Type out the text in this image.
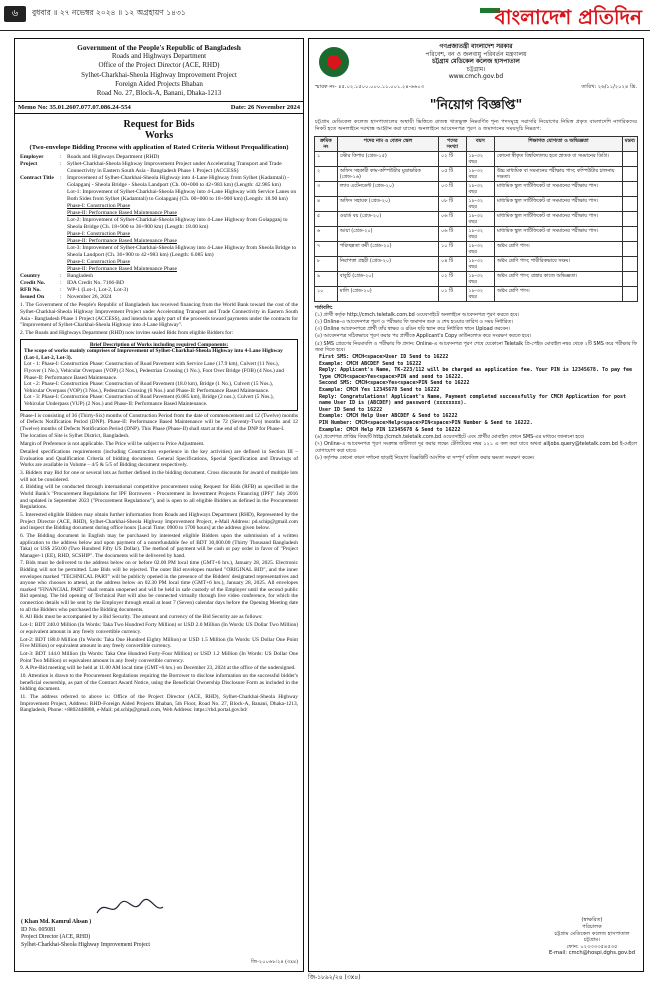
৬	বুধবার ॥ ২৭ নভেম্বর ২০২৪ ॥ ১২ অগ্রহায়ণ ১৪৩১	বাংলাদেশ প্রতিদিন
Government of the People's Republic of Bangladesh
Roads and Highways Department
Office of the Project Director (ACE, RHD)
Sylhet-Charkhai-Sheola Highway Improvement Project
Foreign Aided Projects Bhaban
Road No. 27, Block-A, Banani, Dhaka-1213
Memo No: 35.01.2607.077.07.086.24-554	Date: 26 November 2024
Request for Bids
Works
(Two-envelope Bidding Process with application of Rated Criteria Without Prequalification)
Employer	: Roads and Highways Department (RHD)
Project	: Sylhet-Charkhai-Sheola Highway Improvement Project under Accelerating Transport and Trade Connectivity in Eastern South Asia - Bangladesh Phase 1 Project (ACCESS)
Contract Title	: Improvement of Sylhet-Charkhai-Sheola Highway into 4-Lane Highway from Sylhet (Kadamtali) - Golapganj - Sheola Bridge - Sheola Landport (Ch. 00+000 to 42+983 km) (Length: 42.985 km)
Lot-1: Improvement of Sylhet-Charkhai-Sheola Highway into 4-Lane Highway with Service Lanes on Both Sides from Sylhet (Kadamtali) to Golapganj (Ch. 00+000 to 18+900 km) (Length: 18.90 km)
Phase-I: Construction Phase
Phase-II: Performance Based Maintenance Phase
Lot-2: Improvement of Sylhet-Charkhai-Sheola Highway into 4-Lane Highway from Golapganj to Sheola Bridge (Ch. 18+900 to 36+900 km) (Length: 18.00 km)
Phase-I: Construction Phase
Phase-II: Performance Based Maintenance Phase
Lot-3: Improvement of Sylhet-Charkhai-Sheola Highway into 4-Lane Highway from Sheola Bridge to Sheola Landport (Ch. 36+900 to 42+983 km) (Length: 6.085 km)
Phase-I: Construction Phase
Phase-II: Performance Based Maintenance Phase
Country	: Bangladesh
Credit No.	: IDA Credit No. 7166-BD
RFB No.	: WP-1 (Lot-1, Lot-2, Lot-3)
Issued On	: November 26, 2024
1. The Government of the People's Republic of Bangladesh has received financing from the World Bank toward the cost of the Sylhet-Charkhai-Sheola Highway Improvement Project under Accelerating Transport and Trade Connectivity in Eastern South Asia - Bangladesh Phase 1 Project (ACCESS), and intends to apply part of the proceeds toward payments under the contracts for "Improvement of Sylhet-Charkhai-Sheola Highway into 4-Lane Highway".
2. The Roads and Highways Department (RHD) now invites sealed Bids from eligible Bidders for:
Brief Description of Works including required Components:
The scope of works mainly comprises of Improvement of Sylhet-Charkhai-Sheola Highway into 4-Lane Highway (Lot-1, Lot-2, Lot-3).
Lot - 1: Phase-I: Construction Phase: Construction of Road Pavement with Service Lane (17.9 km), Culvert (11 Nos.), Flyover (1 No.), Vehicular Overpass (VOP) (3 Nos.), Pedestrian Crossing (1 No.), Foot Over Bridge (FOB) (4 Nos.) and Phase-II: Performance Based Maintenance.
Lot - 2: Phase-I: Construction Phase: Construction of Road Pavement (18.0 km), Bridge (1 No.), Culvert (15 Nos.), Vehicular Overpass (VOP) (3 Nos.), Pedestrian Crossing (6 Nos.) and Phase-II: Performance Based Maintenance.
Lot - 3: Phase-I: Construction Phase: Construction of Road Pavement (6.085 km), Bridge (2 nos.), Culvert (5 Nos.), Vehicular Underpass (VUP) (2 Nos.) and Phase-II: Performance Based Maintenance.
Phase-I is consisting of 36 (Thirty-Six) months of Construction Period from the date of commencement and 12 (Twelve) months of Defects Notification Period (DNP). Phase-II: Performance Based Maintenance will be 72 (Seventy-Two) months and 12 (Twelve) months of Defects Notification Period (DNP). This Phase (Phase-II) shall start at the end of the DNP for Phase-I.
The location of Site is Sylhet District, Bangladesh.
Margin of Preference is not applicable. The Price will be subject to Price Adjustment.
Detailed specifications requirements (including Construction experience in the key activities) are defined in Section III – Evaluation and Qualification Criteria of bidding document. General Specifications, Special Specification and Drawings of Works are available in Volume – 4/5 & 5/5 of Bidding document respectively.
3. Bidders may Bid for one or several lots as further defined in the bidding document. Cross discounts for award of multiple lots will not be considered.
4. Bidding will be conducted through international competitive procurement using Request for Bids (RFB) as specified in the World Bank's "Procurement Regulations for IPF Borrowers - Procurement in Investment Projects Financing (IPF)" July 2016 and updated in September 2023 ("Procurement Regulations"), and is open to all eligible Bidders as defined in the Procurement Regulations.
5. Interested eligible Bidders may obtain further information from Roads and Highways Department (RHD), Represented by the Project Director (ACE, RHD), Sylhet-Charkhai-Sheola Highway Improvement Project, e-Mail Address: pd.schip@gmail.com and inspect the Bidding document during office hours [Local Time: 0900 to 1700 hours] at the address given below.
6. The Bidding document in English may be purchased by interested eligible Bidders upon the submission of a written application to the address below and upon payment of a nonrefundable fee of BDT 30,000.00 (Thirty Thousand Bangladesh Taka) or US$ 250.00 (Two Hundred Fifty US Dollar). The method of payment will be cash or pay order in favor of "Project Manager-1 (EE), RHD, SCSHIP". The documents will be delivered by hand.
7. Bids must be delivered to the address below on or before 02.00 PM local time (GMT+6 hrs.), January 28, 2025. Electronic Bidding will not be permitted. Late Bids will be rejected. The outer Bid envelopes marked "ORIGINAL BID", and the inner envelopes marked "TECHNICAL PART" will be publicly opened in the presence of the Bidders' designated representatives and anyone who chooses to attend, at the address below on 02.30 PM local time (GMT+6 hrs.), January 28, 2025. All envelopes marked "FINANCIAL PART" shall remain unopened and will be held in safe custody of the Employer until the second public Bid opening. The bid opening of Technical Part will also be connected virtually through live video conference, for which the connection details will be sent by the Employer through email at least 7 (Seven) calendar days before the Opening Meeting date to all the Bidders who purchased the Bidding documents.
8. All Bids must be accompanied by a Bid Security. The amount and currency of the Bid Security are as follows:
Lot-1: BDT 240.0 Million (In Words: Taka Two Hundred Forty Million) or USD 2.0 Million (In Words: US Dollar Two Million) or equivalent amount in any freely convertible currency.
Lot-2: BDT 180.0 Million (In Words: Taka One Hundred Eighty Million) or USD 1.5 Million (In Words: US Dollar One Point Five Million) or equivalent amount in any freely convertible currency.
Lot-3: BDT 144.0 Million (In Words: Taka One Hundred Forty-Four Million) or USD 1.2 Million (In Words: US Dollar One Point Two Million) or equivalent amount in any freely convertible currency.
9. A Pre-Bid meeting will be held at 11.00 AM local time (GMT+6 hrs.) on December 23, 2024 at the office of the undersigned.
10. Attention is drawn to the Procurement Regulations requiring the Borrower to disclose information on the successful bidder's beneficial ownership, as part of the Contract Award Notice, using the Beneficial Ownership Disclosure Form as included in the bidding document.
11. The address referred to above is: Office of the Project Director (ACE, RHD), Sylhet-Charkhai-Sheola Highway Improvement Project, Address: RHD-Foreign Aided Projects Bhaban, 5th Floor, Road No. 27, Block-A, Banani, Dhaka-1213, Bangladesh, Phone: +8802448808, e-Mail: pd.schip@gmail.com, Web Address: https://rhd.portal.gov.bd/
( Khan Md. Kamrul Ahsan )
ID No. 005081
Project Director (ACE, RHD)
Sylhet-Charkhai-Sheola Highway Improvement Project
জি-২০০৬৮/২৪ (৩x৪)
গণপ্রজাতন্ত্রী বাংলাদেশ সরকার
পরিবেশ, বন ও জলবায়ু পরিবর্তন মন্ত্রণালয়
চট্টগ্রাম মেডিকেল কলেজ হাসপাতাল
চট্টগ্রাম।
www.cmch.gov.bd
স্মারক নং- ৪৫.০২.১৫০০.০০০.১১.০০১.২৪-৬৬০৩	তারিখ: ২৬/১১/২০২৪ খ্রি.
"নিয়োগ বিজ্ঞপ্তি"
চট্টগ্রাম মেডিকেল কলেজ হাসপাতালের অস্থায়ী ভিত্তিতে রাজস্ব খাতভুক্ত নিম্নবর্ণিত শূন্য পদসমূহে সরাসরি নিয়োগের নিমিত্ত প্রকৃত বাংলাদেশি নাগরিকদের নিকট হতে অনলাইনে দরখাস্ত আহ্বান করা যাচ্ছে। অনলাইনে আবেদনপত্র পূরণ ও জমাদানের সময়সূচি নিম্নরূপ:
ক্রমিক নং	পদের নাম ও বেতন স্কেল	পদের সংখ্যা	বয়স	শিক্ষাগত যোগ্যতা ও অভিজ্ঞতা	মন্তব্য
১	স্টোর কিপার (গ্রেড-১৫)	০২ টি	১৮-৩২ বছর	কোনো স্বীকৃত বিশ্ববিদ্যালয় হতে স্নাতক বা সমমানের ডিগ্রি।	
২	অফিস সহকারী কাম-কম্পিউটার মুদ্রাক্ষরিক (গ্রেড-১৬)	০৫ টি	১৮-৩২ বছর	উচ্চ মাধ্যমিক বা সমমানের পরীক্ষায় পাস; কম্পিউটার চালনায় দক্ষতা।	
৩	ল্যাব এটেনডেন্ট (গ্রেড-২০)	০৩ টি	১৮-৩২ বছর	মাধ্যমিক স্কুল সার্টিফিকেট বা সমমানের পরীক্ষায় পাস।	
৪	অফিস সহায়ক (গ্রেড-২০)	০৮ টি	১৮-৩২ বছর	মাধ্যমিক স্কুল সার্টিফিকেট বা সমমানের পরীক্ষায় পাস।	
৫	ওয়ার্ড বয় (গ্রেড-২০)	০৬ টি	১৮-৩২ বছর	মাধ্যমিক স্কুল সার্টিফিকেট বা সমমানের পরীক্ষায় পাস।	
৬	আয়া (গ্রেড-২০)	০৬ টি	১৮-৩২ বছর	মাধ্যমিক স্কুল সার্টিফিকেট বা সমমানের পরীক্ষায় পাস।	
৭	পরিচ্ছন্নতা কর্মী (গ্রেড-২০)	১০ টি	১৮-৩২ বছর	অষ্টম শ্রেণি পাস।	
৮	নিরাপত্তা প্রহরী (গ্রেড-২০)	০৪ টি	১৮-৩২ বছর	অষ্টম শ্রেণি পাস; শারীরিকভাবে সক্ষম।	
৯	বাবুর্চি (গ্রেড-২০)	০২ টি	১৮-৩২ বছর	অষ্টম শ্রেণি পাস; রান্নার কাজে অভিজ্ঞতা।	
১০	মালি (গ্রেড-২০)	০১ টি	১৮-৩২ বছর	অষ্টম শ্রেণি পাস।	
শর্তাবলি:
(১) প্রার্থী কর্তৃক http://cmch.teletalk.com.bd ওয়েবসাইটে অনলাইনে আবেদনপত্র পূরণ করতে হবে।
(২) Online-এ আবেদনপত্র পূরণ ও পরীক্ষার ফি জমাদান শুরু ও শেষ হওয়ার তারিখ ও সময় নির্ধারিত।
(৩) Online আবেদনপত্রে প্রার্থী তাঁর স্বাক্ষর ও রঙিন ছবি স্ক্যান করে নির্ধারিত স্থানে Upload করবেন।
(৪) আবেদনপত্র সঠিকভাবে পূরণ করার পর প্রার্থীকে Applicant's Copy ডাউনলোড করে সংরক্ষণ করতে হবে।
(৫) SMS প্রেরণের নিয়মাবলি ও পরীক্ষার ফি প্রদান: Online-এ আবেদনপত্র পূরণ শেষে যেকোনো Teletalk প্রি-পেইড মোবাইল নম্বর থেকে ২টি SMS করে পরীক্ষার ফি জমা দিতে হবে।
First SMS: CMCH<space>User ID Send to 16222
Example: CMCH ABCDEF Send to 16222
Reply: Applicant's Name, TK-223/112 will be charged as application fee. Your PIN is 12345678. To pay fee Type CMCH<space>Yes<space>PIN and send to 16222.
Second SMS: CMCH<space>Yes<space>PIN Send to 16222
Example: CMCH Yes 12345678 Send to 16222
Reply: Congratulations! Applicant's Name, Payment completed successfully for CMCH Application for post name User ID is (ABCDEF) and password (xxxxxxxx).
User ID Send to 16222
Example: CMCH Help User ABCDEF & Send to 16222
PIN Number: CMCH<space>Help<space>PIN<space>PIN Number & Send to 16222.
Example: CMCH Help PIN 12345678 & Send to 16222
(৬) প্রবেশপত্র প্রাপ্তির বিষয়টি http://cmch.teletalk.com.bd ওয়েবসাইটে এবং প্রার্থীর মোবাইল ফোনে SMS-এর মাধ্যমে জানানো হবে।
(৭) Online-এ আবেদনপত্র পূরণ সংক্রান্ত জটিলতা দূর করার লক্ষ্যে টেলিটকের নম্বর ১২১ এ কল করা যাবে অথবা alljobs.query@teletalk.com.bd ই-মেইলে যোগাযোগ করা যাবে।
(৮) কর্তৃপক্ষ কোনো কারণ দর্শানো ছাড়াই নিয়োগ বিজ্ঞপ্তিটি আংশিক বা সম্পূর্ণ বাতিল করার ক্ষমতা সংরক্ষণ করেন।
(স্বাক্ষরিত)
পরিচালক
চট্টগ্রাম মেডিকেল কলেজ হাসপাতাল
চট্টগ্রাম।
ফোন: ০২৩৩৩৩৫৪৫৩৫
E-mail: cmch@hospi.dghs.gov.bd
জি-১৮৯২/২৪ (৩x৪)
